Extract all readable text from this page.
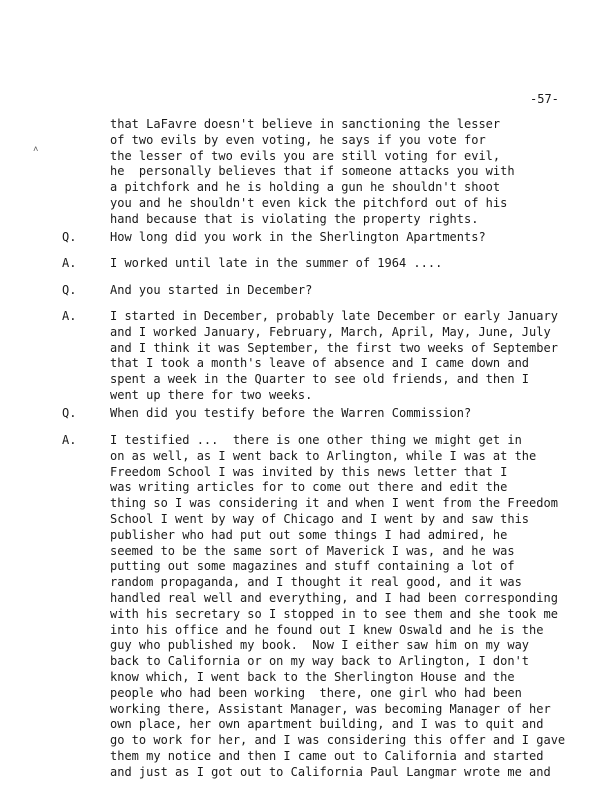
-57-
˄
that LaFavre doesn't believe in sanctioning the lesser
of two evils by even voting, he says if you vote for
the lesser of two evils you are still voting for evil,
he  personally believes that if someone attacks you with
a pitchfork and he is holding a gun he shouldn't shoot
you and he shouldn't even kick the pitchford out of his
hand because that is violating the property rights.
Q.	How long did you work in the Sherlington Apartments?
A.	I worked until late in the summer of 1964 ....
Q.	And you started in December?
A.	I started in December, probably late December or early January
and I worked January, February, March, April, May, June, July
and I think it was September, the first two weeks of September
that I took a month's leave of absence and I came down and
spent a week in the Quarter to see old friends, and then I
went up there for two weeks.
Q.	When did you testify before the Warren Commission?
A.	I testified ...  there is one other thing we might get in
on as well, as I went back to Arlington, while I was at the
Freedom School I was invited by this news letter that I
was writing articles for to come out there and edit the
thing so I was considering it and when I went from the Freedom
School I went by way of Chicago and I went by and saw this
publisher who had put out some things I had admired, he
seemed to be the same sort of Maverick I was, and he was
putting out some magazines and stuff containing a lot of
random propaganda, and I thought it real good, and it was
handled real well and everything, and I had been corresponding
with his secretary so I stopped in to see them and she took me
into his office and he found out I knew Oswald and he is the
guy who published my book.  Now I either saw him on my way
back to California or on my way back to Arlington, I don't
know which, I went back to the Sherlington House and the
people who had been working  there, one girl who had been
working there, Assistant Manager, was becoming Manager of her
own place, her own apartment building, and I was to quit and
go to work for her, and I was considering this offer and I gave
them my notice and then I came out to California and started
and just as I got out to California Paul Langmar wrote me and
